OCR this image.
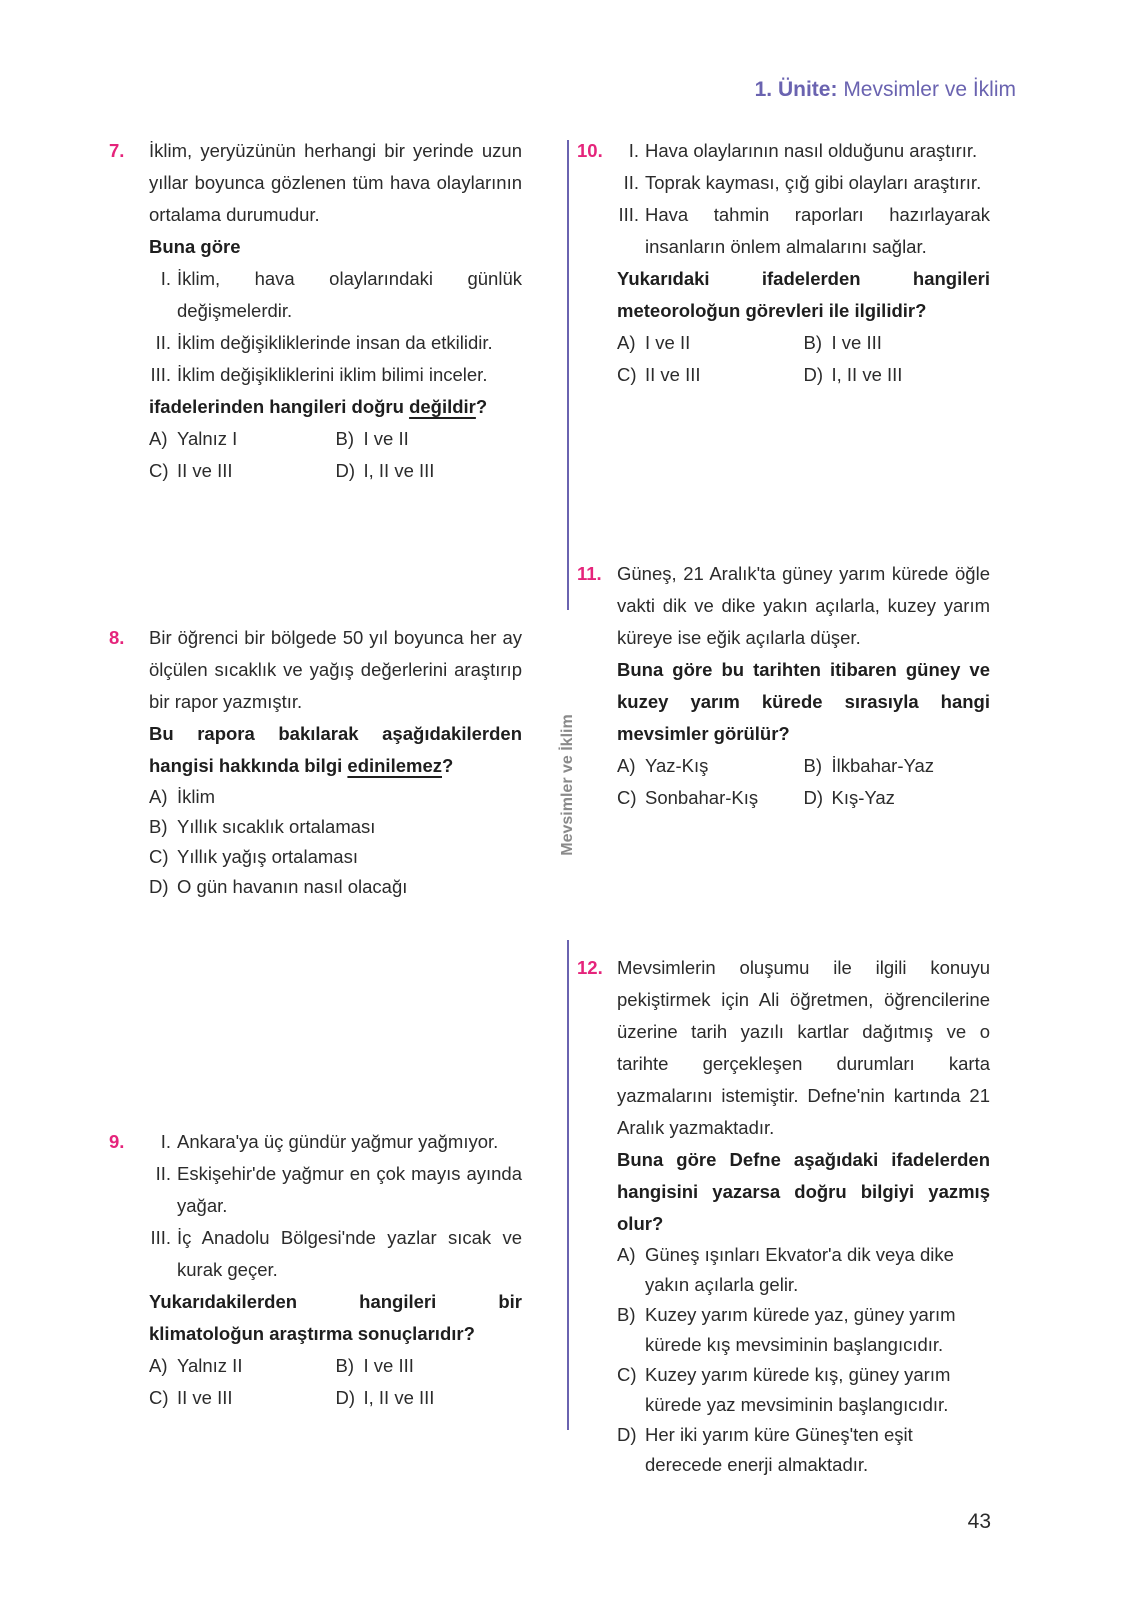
1. Ünite: Mevsimler ve İklim
Mevsimler ve İklim
7. İklim, yeryüzünün herhangi bir yerinde uzun yıllar boyunca gözlenen tüm hava olaylarının ortalama durumudur.
Buna göre
I. İklim, hava olaylarındaki günlük değişmelerdir.
II. İklim değişikliklerinde insan da etkilidir.
III. İklim değişikliklerini iklim bilimi inceler.
ifadelerinden hangileri doğru değildir?
A) Yalnız I	B) I ve II
C) II ve III	D) I, II ve III
8. Bir öğrenci bir bölgede 50 yıl boyunca her ay ölçülen sıcaklık ve yağış değerlerini araştırıp bir rapor yazmıştır.
Bu rapora bakılarak aşağıdakilerden hangisi hakkında bilgi edinilemez?
A) İklim
B) Yıllık sıcaklık ortalaması
C) Yıllık yağış ortalaması
D) O gün havanın nasıl olacağı
9.	I. Ankara'ya üç gündür yağmur yağmıyor.
II. Eskişehir'de yağmur en çok mayıs ayında yağar.
III. İç Anadolu Bölgesi'nde yazlar sıcak ve kurak geçer.
Yukarıdakilerden hangileri bir klimatoloğun araştırma sonuçlarıdır?
A) Yalnız II	B) I ve III
C) II ve III	D) I, II ve III
10.	I. Hava olaylarının nasıl olduğunu araştırır.
II. Toprak kayması, çığ gibi olayları araştırır.
III. Hava tahmin raporları hazırlayarak insanların önlem almalarını sağlar.
Yukarıdaki ifadelerden hangileri meteoroloğun görevleri ile ilgilidir?
A) I ve II	B) I ve III
C) II ve III	D) I, II ve III
11. Güneş, 21 Aralık'ta güney yarım kürede öğle vakti dik ve dike yakın açılarla, kuzey yarım küreye ise eğik açılarla düşer.
Buna göre bu tarihten itibaren güney ve kuzey yarım kürede sırasıyla hangi mevsimler görülür?
A) Yaz-Kış	B) İlkbahar-Yaz
C) Sonbahar-Kış	D) Kış-Yaz
12. Mevsimlerin oluşumu ile ilgili konuyu pekiştirmek için Ali öğretmen, öğrencilerine üzerine tarih yazılı kartlar dağıtmış ve o tarihte gerçekleşen durumları karta yazmalarını istemiştir. Defne'nin kartında 21 Aralık yazmaktadır.
Buna göre Defne aşağıdaki ifadelerden hangisini yazarsa doğru bilgiyi yazmış olur?
A) Güneş ışınları Ekvator'a dik veya dike yakın açılarla gelir.
B) Kuzey yarım kürede yaz, güney yarım kürede kış mevsiminin başlangıcıdır.
C) Kuzey yarım kürede kış, güney yarım kürede yaz mevsiminin başlangıcıdır.
D) Her iki yarım küre Güneş'ten eşit derecede enerji almaktadır.
43
